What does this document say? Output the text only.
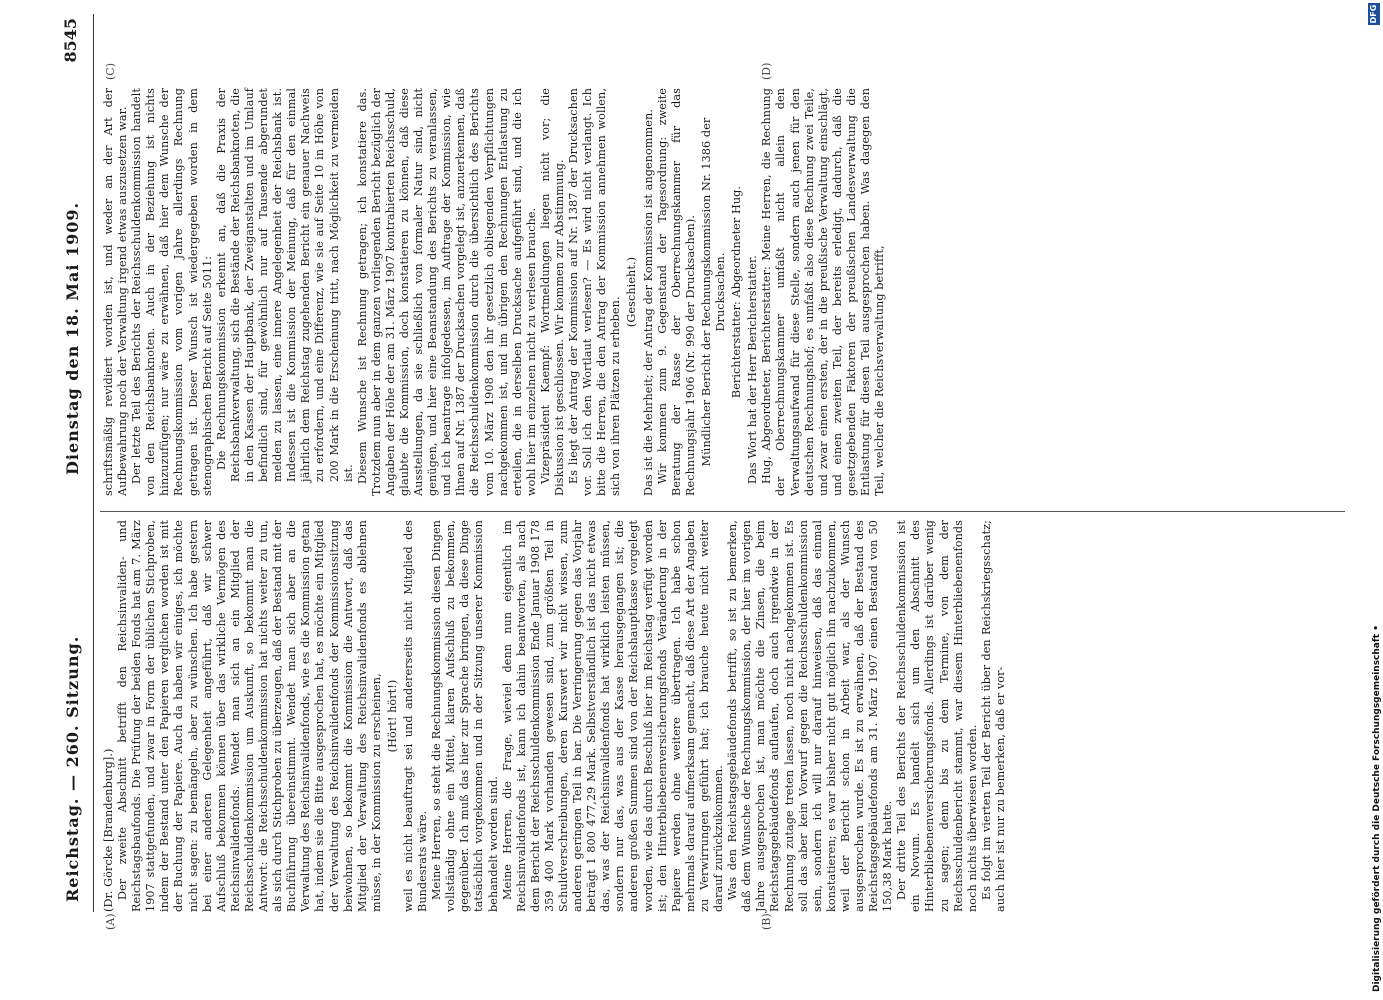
Reichstag. — 260. Sitzung.
Dienstag den 18. Mai 1909.
8545
(A)	(B)
(C)	(D)

(Dr. Görcke [Brandenburg].) Der zweite Abschnitt betrifft den Reichsinvaliden- und Reichstagsbaufonds. Die Prüfung der beiden Fonds hat am 7. März 1907 stattgefunden, und zwar in Form der üblichen Stichproben, indem der Bestand unter den Papieren verglichen worden ist mit der Buchung der Papiere. Auch da haben wir einiges, ich möchte nicht sagen: zu bemängeln, aber zu wünschen. Ich habe gestern bei einer anderen Gelegenheit angeführt, daß wir schwer Aufschluß bekommen können über das wirkliche Vermögen des Reichsinvalidenfonds. Wendet man sich an ein Mitglied der Reichsschuldenkommission um Auskunft, so bekommt man die Antwort: die Reichsschuldenkommission hat nichts weiter zu tun, als sich durch Stichproben zu überzeugen, daß der Bestand mit der Buchführung übereinstimmt. Wendet man sich aber an die Verwaltung des Reichsinvalidenfonds, wie es die Kommission getan hat, indem sie die Bitte ausgesprochen hat, es möchte ein Mitglied der Verwaltung des Reichsinvalidenfonds der Kommissionssitzung beiwohnen, so bekommt die Kommission die Antwort, daß das Mitglied der Verwaltung des Reichsinvalidenfonds es ablehnen müsse, in der Kommission zu erscheinen, (Hört! hört!) weil es nicht beauftragt sei und andererseits nicht Mitglied des Bundesrats wäre. Meine Herren, so steht die Rechnungskommission diesen Dingen vollständig ohne ein Mittel, klaren Aufschluß zu bekommen, gegenüber. Ich muß das hier zur Sprache bringen, da diese Dinge tatsächlich vorgekommen und in der Sitzung unserer Kommission behandelt worden sind. Meine Herren, die Frage, wieviel denn nun eigentlich im Reichsinvalidenfonds ist, kann ich dahin beantworten, als nach dem Bericht der Reichsschuldenkommission Ende Januar 1908 178 359 400 Mark vorhanden gewesen sind, zum größten Teil in Schuldverschreibungen, deren Kurswert wir nicht wissen, zum anderen geringen Teil in bar. Die Verringerung gegen das Vorjahr beträgt 1 800 477,29 Mark. Selbstverständlich ist das nicht etwas das, was der Reichsinvalidenfonds hat wirklich leisten müssen, sondern nur das, was aus der Kasse herausgegangen ist; die anderen großen Summen sind von der Reichshauptkasse vorgelegt worden, wie das durch Beschluß hier im Reichstag verfügt worden ist; den Hinterbliebenenversicherungsfonds Veränderung in der Papiere werden ohne weitere übertragen. Ich habe schon mehrmals darauf aufmerksam gemacht, daß diese Art der Angaben zu Verwirrungen geführt hat; ich brauche heute nicht weiter darauf zurückzukommen. Was den Reichstagsgebäudefonds betrifft, so ist zu bemerken, daß dem Wunsche der Rechnungskommission, der hier im vorigen Jahre ausgesprochen ist, man möchte die Zinsen, die beim Reichstagsgebäudefonds auflaufen, doch auch irgendwie in der Rechnung zutage treten lassen, noch nicht nachgekommen ist. Es soll das aber kein Vorwurf gegen die Reichsschuldenkommission sein, sondern ich will nur darauf hinweisen, daß das einmal konstatieren; es war bisher nicht gut möglich ihn nachzukommen, weil der Bericht schon in Arbeit war, als der Wunsch ausgesprochen wurde. Es ist zu erwähnen, daß der Bestand des Reichstagsgebäudefonds am 31. März 1907 einen Bestand von 50 150,38 Mark hatte. Der dritte Teil des Berichts der Reichsschuldenkommission ist ein Novum. Es handelt sich um den Abschnitt des Hinterbliebenenversicherungsfonds. Allerdings ist darüber wenig zu sagen; denn bis zu dem Termine, von dem der Reichsschuldenbericht stammt, war diesem Hinterbliebenenfonds noch nichts überwiesen worden. Es folgt im vierten Teil der Bericht über den Reichskriegsschatz; auch hier ist nur zu bemerken, daß er vor-

schriftsmäßig revidiert worden ist, und weder an der Art der Aufbewahrung noch der Verwaltung irgend etwas auszusetzen war. Der letzte Teil des Berichts der Reichsschuldenkommission handelt von den Reichsbanknoten. Auch in der Beziehung ist nichts hinzuzufügen; nur wäre zu erwähnen, daß hier dem Wunsche der Rechnungskommission vom vorigen Jahre allerdings Rechnung getragen ist. Dieser Wunsch ist wiedergegeben worden in dem stenographischen Bericht auf Seite 5011: Die Rechnungskommission erkennt an, daß die Praxis der Reichsbankverwaltung, sich die Bestände der Reichsbanknoten, die in den Kassen der Hauptbank, der Zweiganstalten und im Umlauf befindlich sind, für gewöhnlich nur auf Tausende abgerundet melden zu lassen, eine innere Angelegenheit der Reichsbank ist. Indessen ist die Kommission der Meinung, daß für den einmal jährlich dem Reichstag zugehenden Bericht ein genauer Nachweis zu erfordern, und eine Differenz, wie sie auf Seite 10 in Höhe von 200 Mark in die Erscheinung tritt, nach Möglichkeit zu vermeiden ist. Diesem Wunsche ist Rechnung getragen; ich konstatiere das. Trotzdem nun aber in dem ganzen vorliegenden Bericht bezüglich der Angaben der Höhe der am 31. März 1907 kontrahierten Reichsschuld, glaubte die Kommission, doch konstatieren zu können, daß diese Ausstellungen, da sie schließlich von formaler Natur sind, nicht genügen, und hier eine Beanstandung des Berichts zu veranlassen, und ich beantrage infolgedessen, im Auftrage der Kommission, wie Ihnen auf Nr. 1387 der Drucksachen vorgelegt ist, anzuerkennen, daß die Reichsschuldenkommission durch die übersichtlich des Berichts vom 10. März 1908 den ihr gesetzlich obliegenden Verpflichtungen nachgekommen ist, und im übrigen den Rechnungen Entlastung zu erteilen, die in derselben Drucksache aufgeführt sind, und die ich wohl hier im einzelnen nicht zu verlesen brauche. Vizepräsident Kaempf: Wortmeldungen liegen nicht vor; die Diskussion ist geschlossen. Wir kommen zur Abstimmung. Es liegt der Antrag der Kommission auf Nr. 1387 der Drucksachen vor. Soll ich den Wortlaut verlesen? — Es wird nicht verlangt. Ich bitte die Herren, die den Antrag der Kommission annehmen wollen, sich von ihren Plätzen zu erheben.

(Geschieht.) Das ist die Mehrheit; der Antrag der Kommission ist angenommen. Wir kommen zum 9. Gegenstand der Tagesordnung: zweite Beratung der Rasse der Oberrechnungskammer für das Rechnungsjahr 1906 (Nr. 990 der Drucksachen). Mündlicher Bericht der Rechnungskommission Nr. 1386 der Drucksachen. Berichterstatter: Abgeordneter Hug. Das Wort hat der Herr Berichterstatter. Hug, Abgeordneter, Berichterstatter: Meine Herren, die Rechnung der Oberrechnungskammer umfaßt nicht allein den Verwaltungsaufwand für diese Stelle, sondern auch jenen für den deutschen Rechnungshof; es umfaßt also diese Rechnung zwei Teile, und zwar einen ersten, der in die preußische Verwaltung einschlägt, und einen zweiten Teil, der bereits erledigt, dadurch, daß die gesetzgebenden Faktoren der preußischen Landesverwaltung die Entlastung für diesen Teil ausgesprochen haben. Was dagegen den Teil, welcher die Reichsverwaltung betrifft,

DFG
Digitalisierung gefördert durch die Deutsche Forschungsgemeinschaft •
